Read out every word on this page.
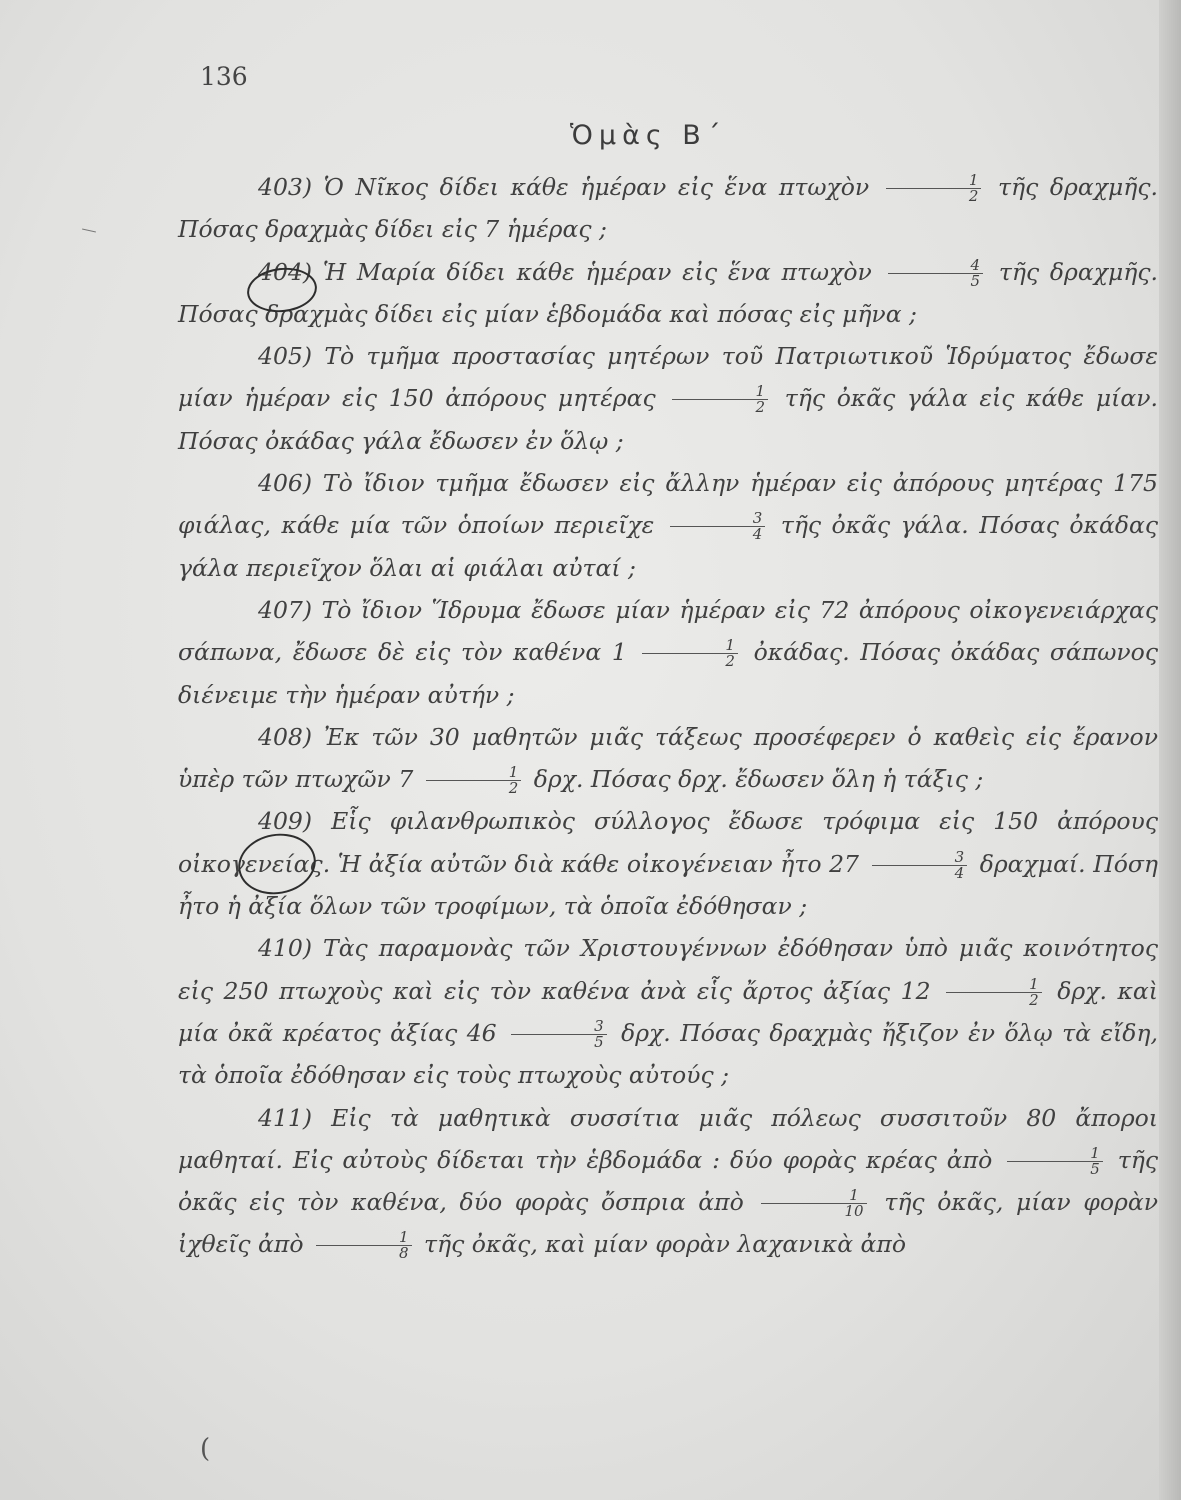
136
Ὁμὰς Β΄

403) Ὁ Νῖκος δίδει κάθε ἡμέραν εἰς ἕνα πτωχὸν $\frac{1}{2}$ τῆς δραχμῆς. Πόσας δραχμὰς δίδει εἰς 7 ἡμέρας ;

404) Ἡ Μαρία δίδει κάθε ἡμέραν εἰς ἕνα πτωχὸν $\frac{4}{5}$ τῆς δραχμῆς. Πόσας δραχμὰς δίδει εἰς μίαν ἑβδομάδα καὶ πόσας εἰς μῆνα ;

405) Τὸ τμῆμα προστασίας μητέρων τοῦ Πατριωτικοῦ Ἱδρύματος ἔδωσε μίαν ἡμέραν εἰς 150 ἀπόρους μητέρας $\frac{1}{2}$ τῆς ὀκᾶς γάλα εἰς κάθε μίαν. Πόσας ὀκάδας γάλα ἔδωσεν ἐν ὅλῳ ;

406) Τὸ ἴδιον τμῆμα ἔδωσεν εἰς ἄλλην ἡμέραν εἰς ἀπόρους μητέρας 175 φιάλας, κάθε μία τῶν ὁποίων περιεῖχε $\frac{3}{4}$ τῆς ὀκᾶς γάλα. Πόσας ὀκάδας γάλα περιεῖχον ὅλαι αἱ φιάλαι αὐταί ;

407) Τὸ ἴδιον Ἵδρυμα ἔδωσε μίαν ἡμέραν εἰς 72 ἀπόρους οἰκογενειάρχας σάπωνα, ἔδωσε δὲ εἰς τὸν καθένα $1 \frac{1}{2}$ ὀκάδας. Πόσας ὀκάδας σάπωνος διένειμε τὴν ἡμέραν αὐτήν ;

408) Ἐκ τῶν 30 μαθητῶν μιᾶς τάξεως προσέφερεν ὁ καθεὶς εἰς ἔρανον ὑπὲρ τῶν πτωχῶν $7 \frac{1}{2} \delta\rho\chi$. Πόσας δρχ. ἔδωσεν ὅλη ἡ τάξις ;

409) Εἷς φιλανθρωπικὸς σύλλογος ἔδωσε τρόφιμα εἰς 150 ἀπόρους οἰκογενείας. Ἡ ἀξία αὐτῶν διὰ κάθε οἰκογένειαν ἦτο $27 \frac{3}{4} \delta\rho\alpha\chi\mu\alpha ί$. Πόση ἦτο ἡ ἀξία ὅλων τῶν τροφίμων, τὰ ὁποῖα ἐδόθησαν ;

410) Τὰς παραμονὰς τῶν Χριστουγέννων ἐδόθησαν ὑπὸ μιᾶς κοινότητος εἰς 250 πτωχοὺς καὶ εἰς τὸν καθένα ἀνὰ εἷς ἄρτος ἀξίας $12 \frac{1}{2} \delta\rho\chi$. καὶ μία ὀκᾶ κρέατος ἀξίας $46 \frac{3}{5} \delta\rho\chi$. Πόσας δραχμὰς ἤξιζον ἐν ὅλῳ τὰ εἴδη, τὰ ὁποῖα ἐδόθησαν εἰς τοὺς πτωχοὺς αὐτούς ;

411) Εἰς τὰ μαθητικὰ συσσίτια μιᾶς πόλεως συσσιτοῦν 80 ἄποροι μαθηταί. Εἰς αὐτοὺς δίδεται τὴν ἑβδομάδα : δύο φορὰς κρέας ἀπὸ $\frac{1}{5}$ τῆς ὀκᾶς εἰς τὸν καθένα, δύο φορὰς ὄσπρια ἀπὸ $\frac{1}{10}$ τῆς ὀκᾶς, μίαν φορὰν ἰχθεῖς ἀπὸ $\frac{1}{8}$ τῆς ὀκᾶς, καὶ μίαν φορὰν λαχανικὰ ἀπὸ

(
